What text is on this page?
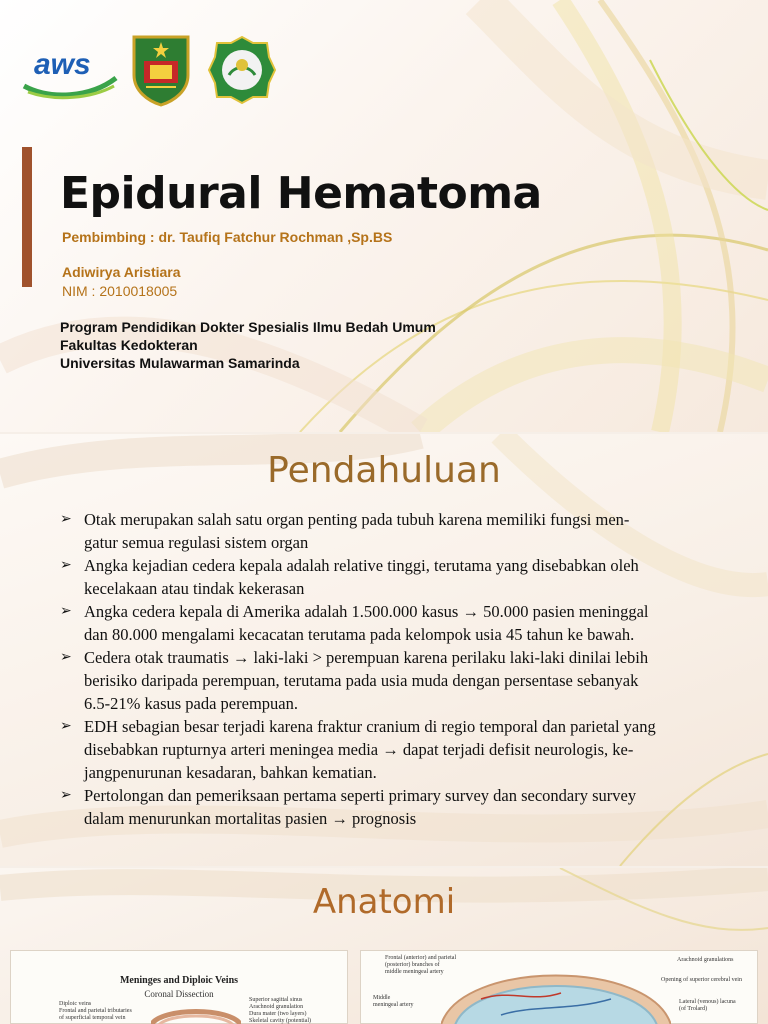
aws
Epidural Hematoma
Pembimbing : dr. Taufiq Fatchur Rochman ,Sp.BS
Adiwirya Aristiara
NIM : 2010018005
Program Pendidikan Dokter Spesialis Ilmu Bedah Umum
Fakultas Kedokteran
Universitas Mulawarman Samarinda
Pendahuluan
➢ Otak merupakan salah satu organ penting pada tubuh karena memiliki fungsi men-
gatur semua regulasi sistem organ
➢ Angka kejadian cedera kepala adalah relative tinggi, terutama yang disebabkan oleh
kecelakaan atau tindak kekerasan
➢ Angka cedera kepala di Amerika adalah 1.500.000 kasus → 50.000 pasien meninggal
dan 80.000 mengalami kecacatan terutama pada kelompok usia 45 tahun ke bawah.
➢ Cedera otak traumatis → laki-laki > perempuan karena perilaku laki-laki dinilai lebih
berisiko daripada perempuan, terutama pada usia muda dengan persentase sebanyak
6.5-21% kasus pada perempuan.
➢ EDH sebagian besar terjadi karena fraktur cranium di regio temporal dan parietal yang
disebabkan rupturnya arteri meningea media → dapat terjadi defisit neurologis, ke-
jangpenurunan kesadaran, bahkan kematian.
➢ Pertolongan dan pemeriksaan pertama seperti primary survey dan secondary survey
dalam menurunkan mortalitas pasien → prognosis
Anatomi
Meninges and Diploic Veins
Coronal Dissection
Diploic veins
Frontal and parietal tributaries
of superficial temporal vein
Superior sagittal sinus
Arachnoid granulation
Dura mater (two layers)
Skeletal cavity (potential)
Frontal (anterior) and parietal
(posterior) branches of
middle meningeal artery
Middle
meningeal artery
Arachnoid granulations
Opening of superior cerebral vein
Lateral (venous) lacuna
(of Trolard)
